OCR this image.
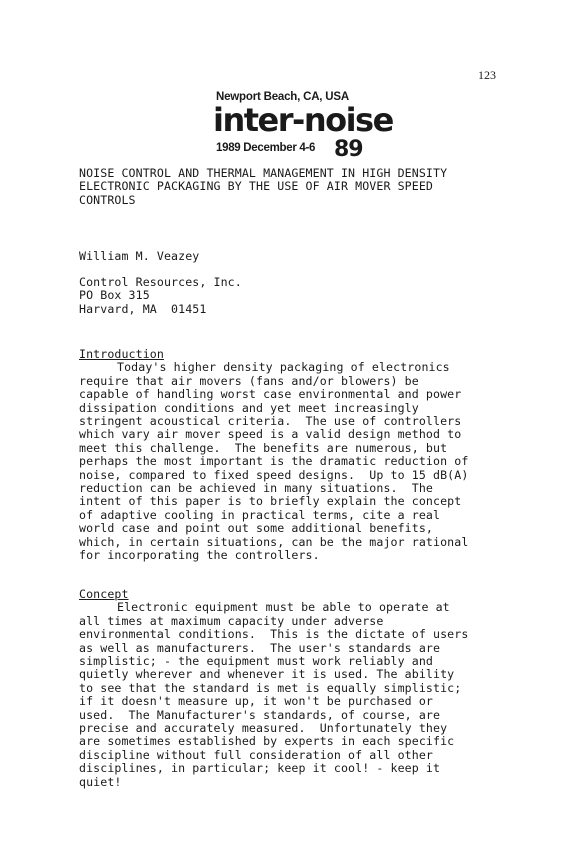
123
Newport Beach, CA, USA
inter-noise
1989 December 4-6 89
NOISE CONTROL AND THERMAL MANAGEMENT IN HIGH DENSITY
ELECTRONIC PACKAGING BY THE USE OF AIR MOVER SPEED
CONTROLS
William M. Veazey
Control Resources, Inc.
PO Box 315
Harvard, MA  01451
Introduction
Today's higher density packaging of electronics
require that air movers (fans and/or blowers) be
capable of handling worst case environmental and power
dissipation conditions and yet meet increasingly
stringent acoustical criteria.  The use of controllers
which vary air mover speed is a valid design method to
meet this challenge.  The benefits are numerous, but
perhaps the most important is the dramatic reduction of
noise, compared to fixed speed designs.  Up to 15 dB(A)
reduction can be achieved in many situations.  The
intent of this paper is to briefly explain the concept
of adaptive cooling in practical terms, cite a real
world case and point out some additional benefits,
which, in certain situations, can be the major rational
for incorporating the controllers.
Concept
Electronic equipment must be able to operate at
all times at maximum capacity under adverse
environmental conditions.  This is the dictate of users
as well as manufacturers.  The user's standards are
simplistic; - the equipment must work reliably and
quietly wherever and whenever it is used. The ability
to see that the standard is met is equally simplistic;
if it doesn't measure up, it won't be purchased or
used.  The Manufacturer's standards, of course, are
precise and accurately measured.  Unfortunately they
are sometimes established by experts in each specific
discipline without full consideration of all other
disciplines, in particular; keep it cool! - keep it
quiet!
